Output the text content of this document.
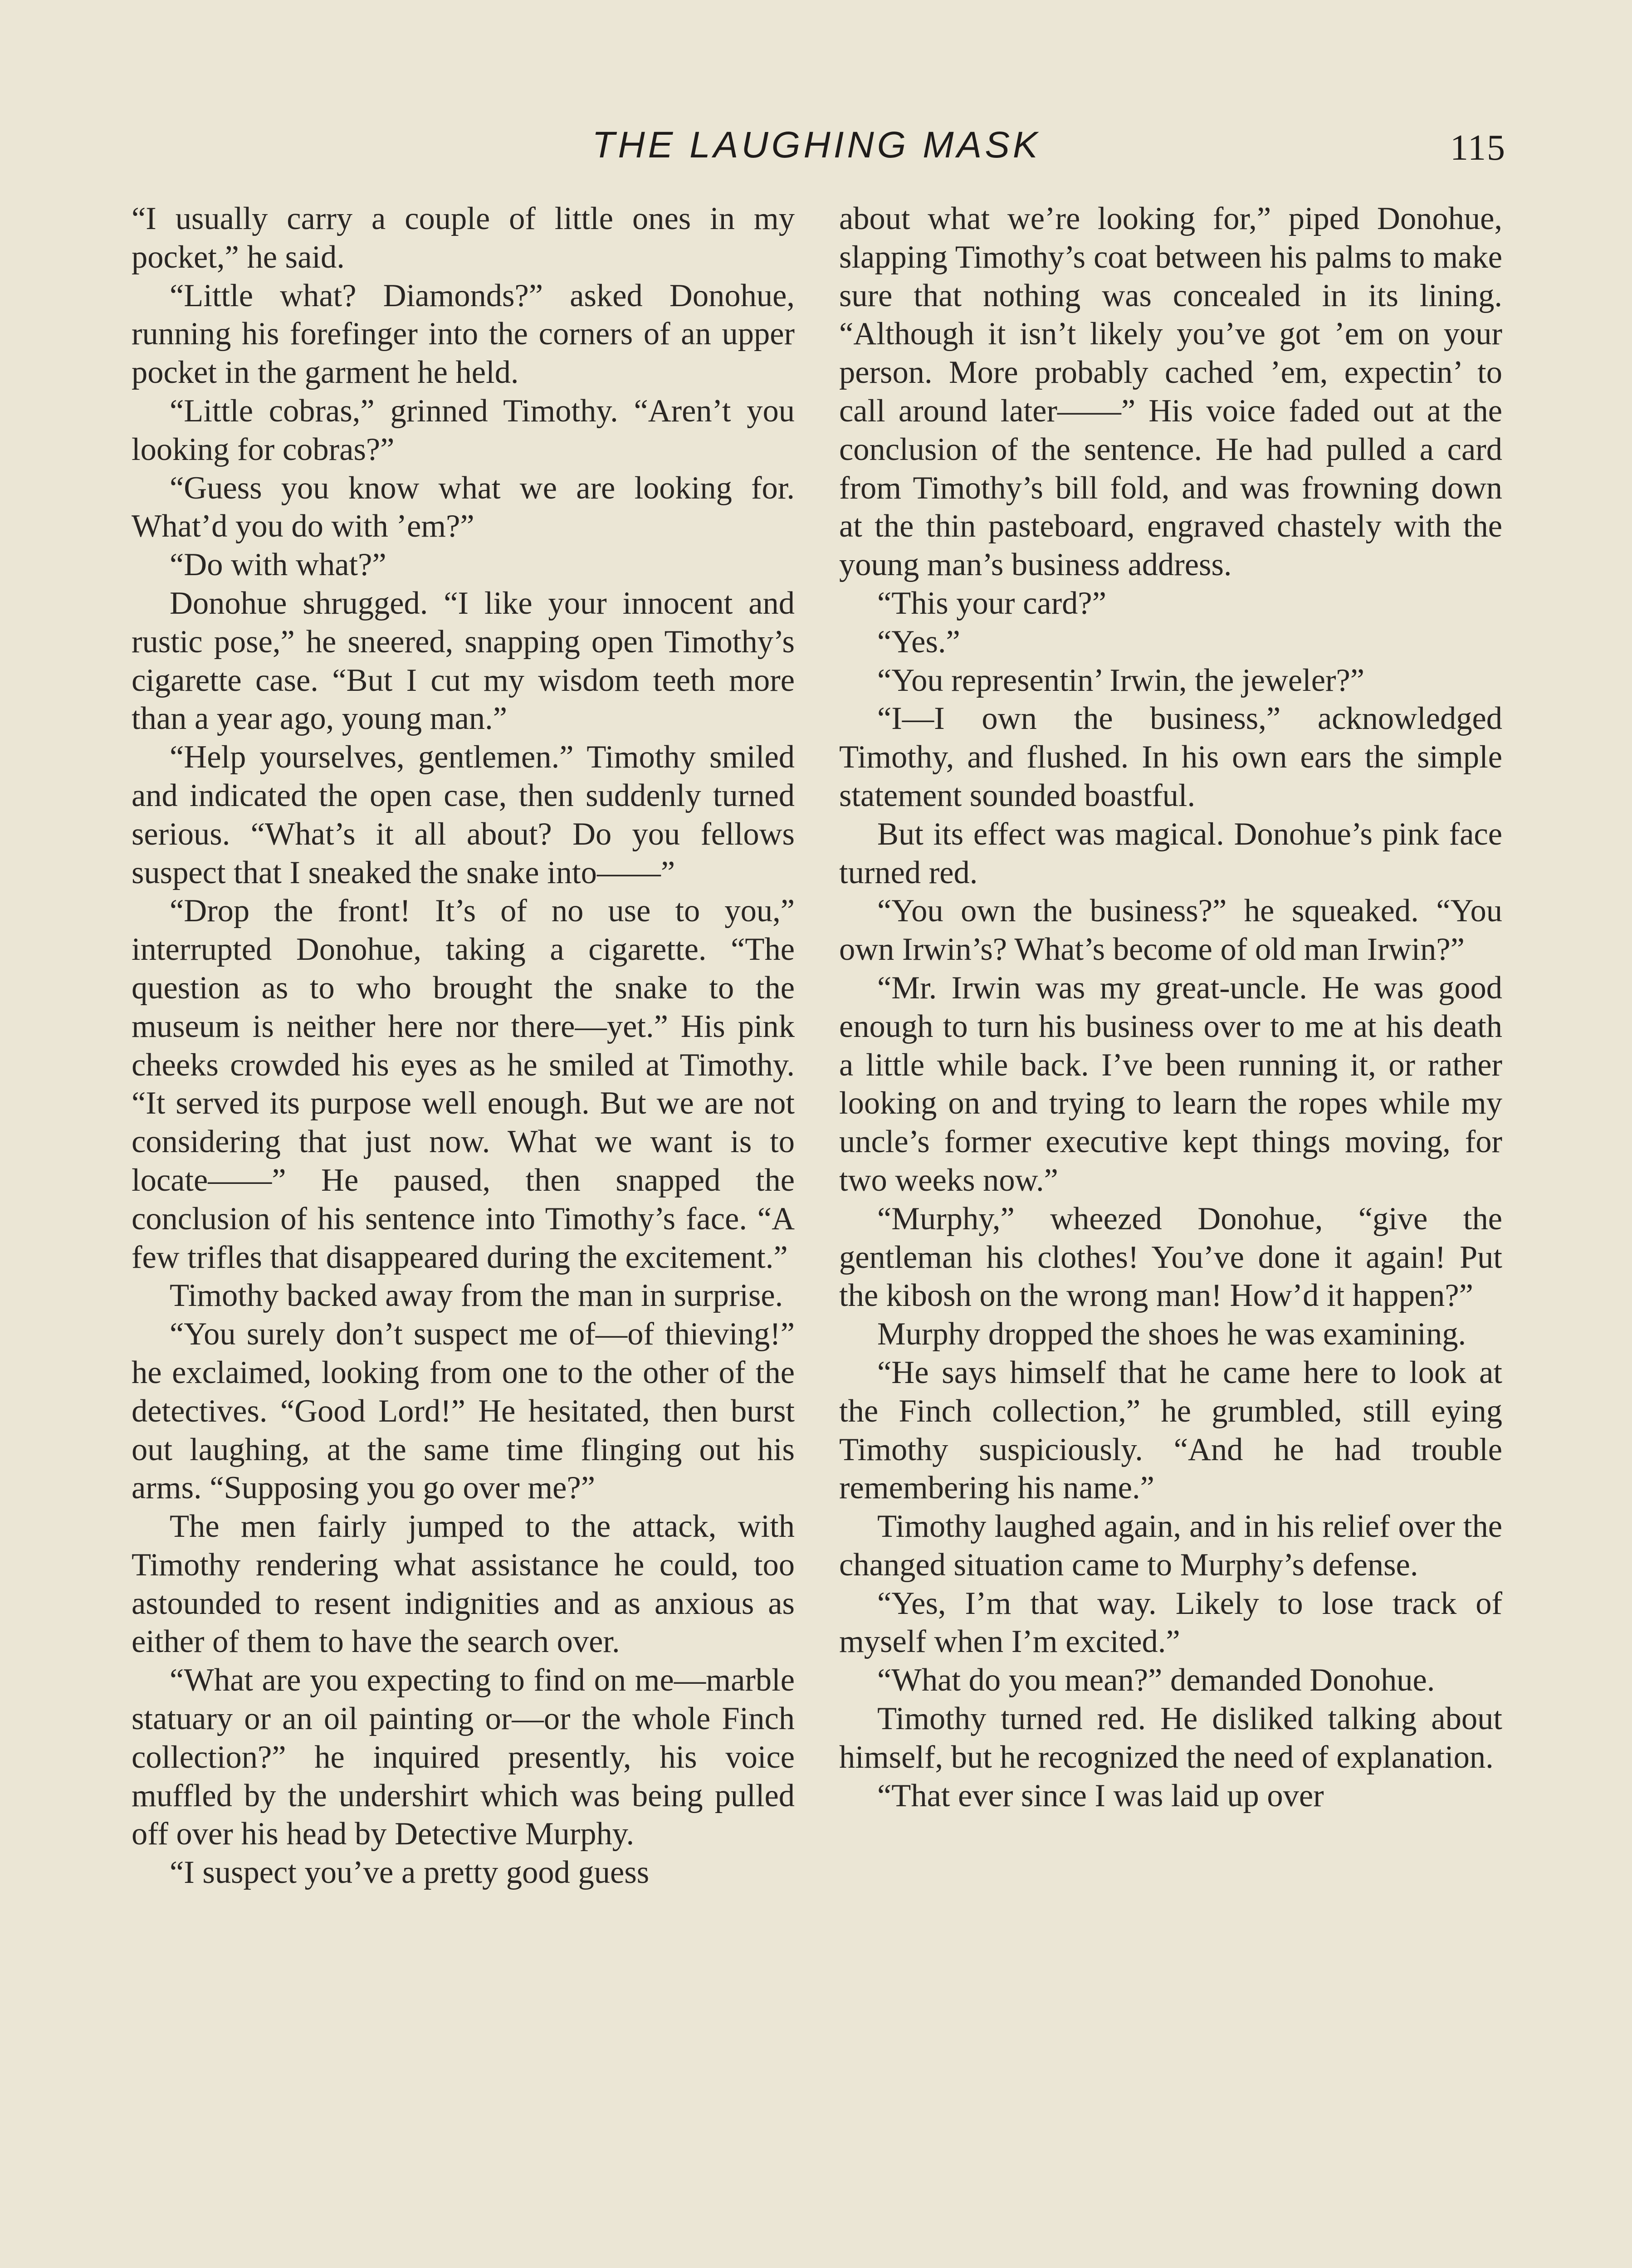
THE LAUGHING MASK	115

“I usually carry a couple of little ones in my pocket,” he said.

“Little what? Diamonds?” asked Donohue, running his forefinger into the corners of an upper pocket in the garment he held.

“Little cobras,” grinned Timothy. “Aren’t you looking for cobras?”

“Guess you know what we are looking for. What’d you do with ’em?”

“Do with what?”

Donohue shrugged. “I like your innocent and rustic pose,” he sneered, snapping open Timothy’s cigarette case. “But I cut my wisdom teeth more than a year ago, young man.”

“Help yourselves, gentlemen.” Timothy smiled and indicated the open case, then suddenly turned serious. “What’s it all about? Do you fellows suspect that I sneaked the snake into——”

“Drop the front! It’s of no use to you,” interrupted Donohue, taking a cigarette. “The question as to who brought the snake to the museum is neither here nor there—yet.” His pink cheeks crowded his eyes as he smiled at Timothy. “It served its purpose well enough. But we are not considering that just now. What we want is to locate——” He paused, then snapped the conclusion of his sentence into Timothy’s face. “A few trifles that disappeared during the excitement.”

Timothy backed away from the man in surprise.

“You surely don’t suspect me of—of thieving!” he exclaimed, looking from one to the other of the detectives. “Good Lord!” He hesitated, then burst out laughing, at the same time flinging out his arms. “Supposing you go over me?”

The men fairly jumped to the attack, with Timothy rendering what assistance he could, too astounded to resent indignities and as anxious as either of them to have the search over.

“What are you expecting to find on me—marble statuary or an oil painting or—or the whole Finch collection?” he inquired presently, his voice muffled by the undershirt which was being pulled off over his head by Detective Murphy.

“I suspect you’ve a pretty good guess

about what we’re looking for,” piped Donohue, slapping Timothy’s coat between his palms to make sure that nothing was concealed in its lining. “Although it isn’t likely you’ve got ’em on your person. More probably cached ’em, expectin’ to call around later——” His voice faded out at the conclusion of the sentence. He had pulled a card from Timothy’s bill fold, and was frowning down at the thin pasteboard, engraved chastely with the young man’s business address.

“This your card?”

“Yes.”

“You representin’ Irwin, the jeweler?”

“I—I own the business,” acknowledged Timothy, and flushed. In his own ears the simple statement sounded boastful.

But its effect was magical. Donohue’s pink face turned red.

“You own the business?” he squeaked. “You own Irwin’s? What’s become of old man Irwin?”

“Mr. Irwin was my great-uncle. He was good enough to turn his business over to me at his death a little while back. I’ve been running it, or rather looking on and trying to learn the ropes while my uncle’s former executive kept things moving, for two weeks now.”

“Murphy,” wheezed Donohue, “give the gentleman his clothes! You’ve done it again! Put the kibosh on the wrong man! How’d it happen?”

Murphy dropped the shoes he was examining.

“He says himself that he came here to look at the Finch collection,” he grumbled, still eying Timothy suspiciously. “And he had trouble remembering his name.”

Timothy laughed again, and in his relief over the changed situation came to Murphy’s defense.

“Yes, I’m that way. Likely to lose track of myself when I’m excited.”

“What do you mean?” demanded Donohue.

Timothy turned red. He disliked talking about himself, but he recognized the need of explanation.

“That ever since I was laid up over
